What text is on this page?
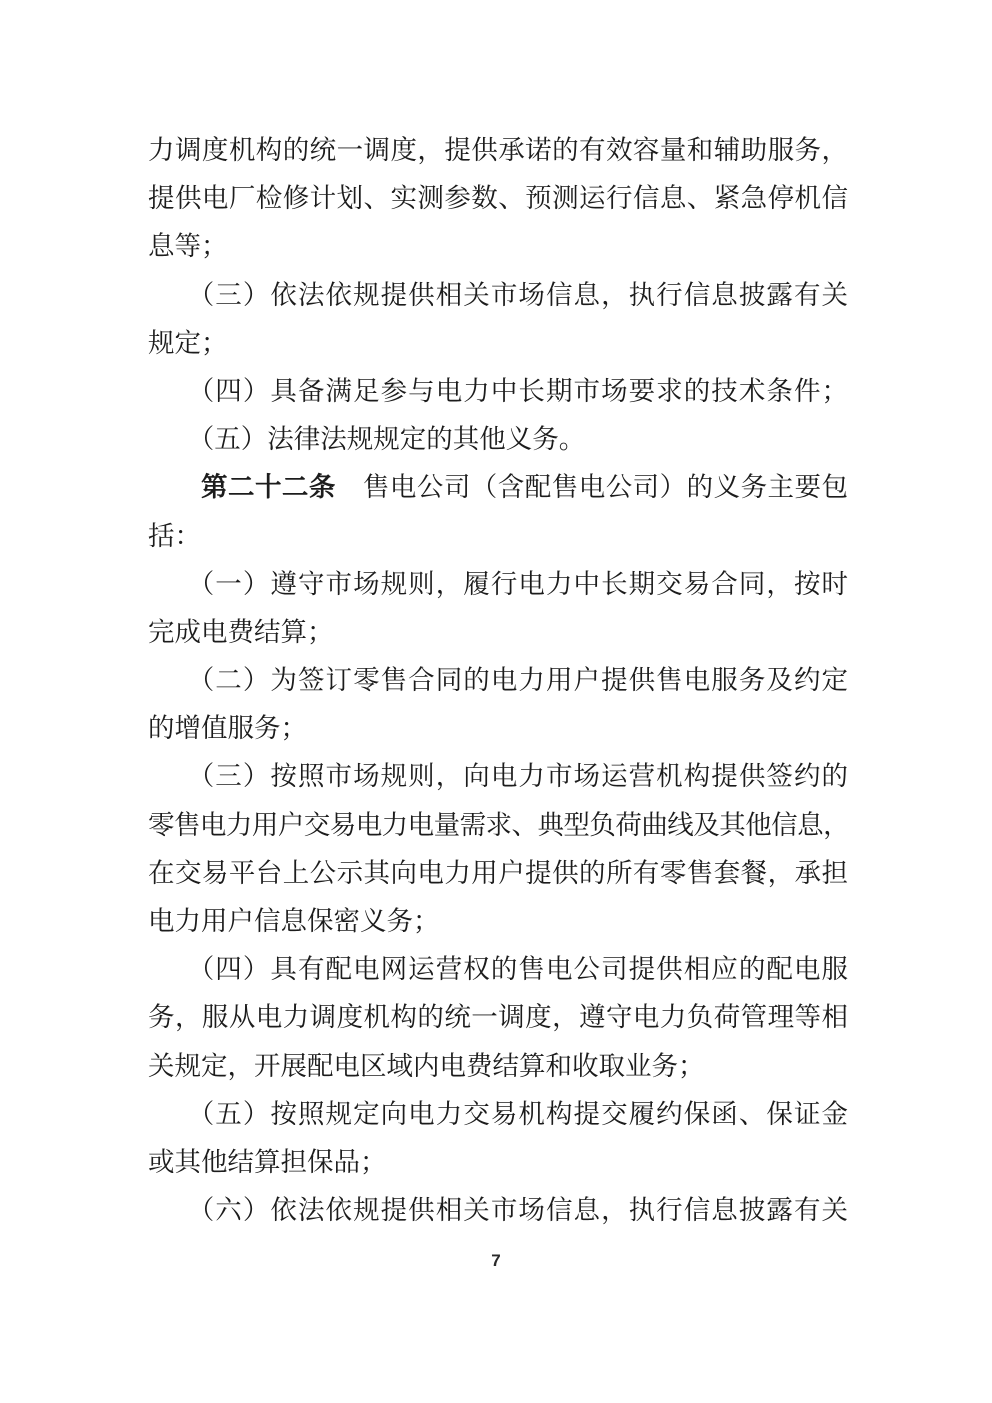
力调度机构的统一调度，提供承诺的有效容量和辅助服务，
提供电厂检修计划、实测参数、预测运行信息、紧急停机信
息等；
（三）依法依规提供相关市场信息，执行信息披露有关
规定；
（四）具备满足参与电力中长期市场要求的技术条件；
（五）法律法规规定的其他义务。
第二十二条　售电公司（含配售电公司）的义务主要包
括：
（一）遵守市场规则，履行电力中长期交易合同，按时
完成电费结算；
（二）为签订零售合同的电力用户提供售电服务及约定
的增值服务；
（三）按照市场规则，向电力市场运营机构提供签约的
零售电力用户交易电力电量需求、典型负荷曲线及其他信息，
在交易平台上公示其向电力用户提供的所有零售套餐，承担
电力用户信息保密义务；
（四）具有配电网运营权的售电公司提供相应的配电服
务，服从电力调度机构的统一调度，遵守电力负荷管理等相
关规定，开展配电区域内电费结算和收取业务；
（五）按照规定向电力交易机构提交履约保函、保证金
或其他结算担保品；
（六）依法依规提供相关市场信息，执行信息披露有关
7
